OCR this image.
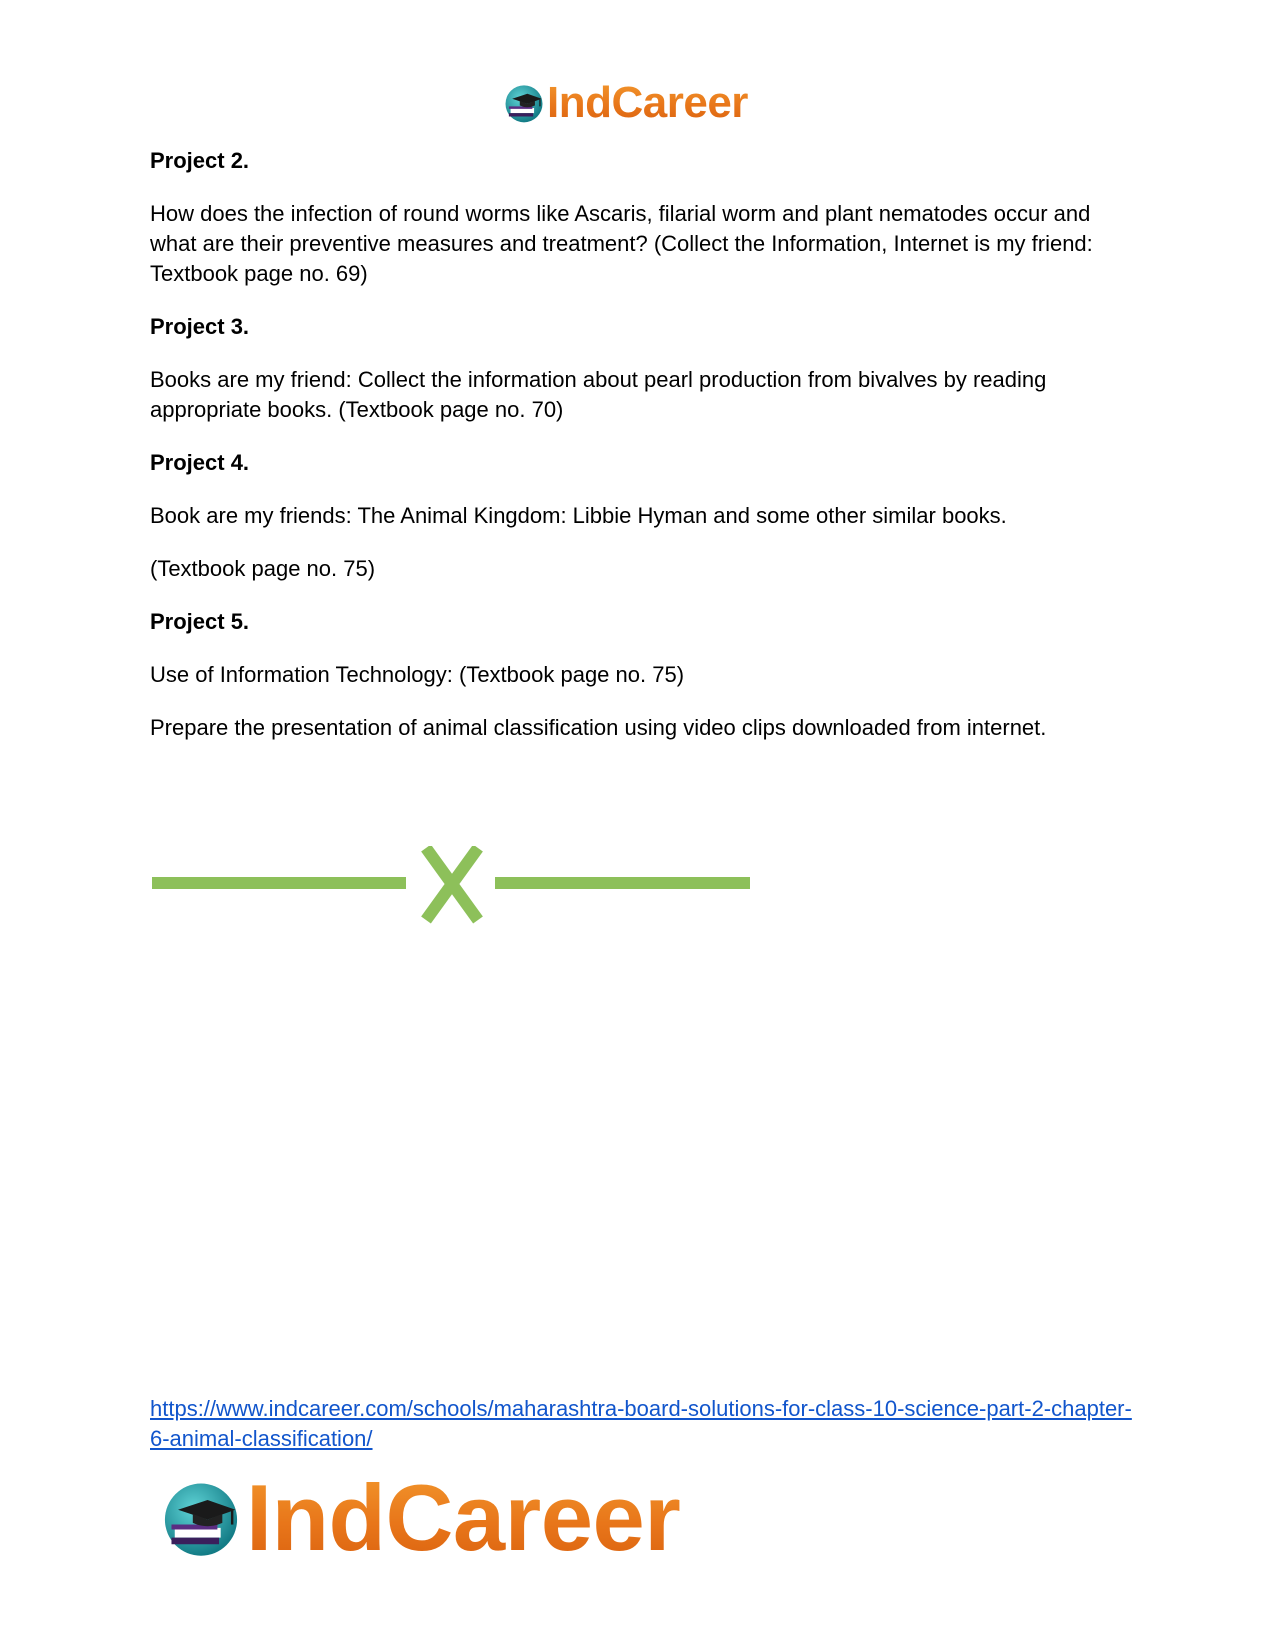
IndCareer

Project 2.

How does the infection of round worms like Ascaris, filarial worm and plant nematodes occur and what are their preventive measures and treatment? (Collect the Information, Internet is my friend: Textbook page no. 69)

Project 3.

Books are my friend: Collect the information about pearl production from bivalves by reading appropriate books. (Textbook page no. 70)

Project 4.

Book are my friends: The Animal Kingdom: Libbie Hyman and some other similar books.

(Textbook page no. 75)

Project 5.

Use of Information Technology: (Textbook page no. 75)

Prepare the presentation of animal classification using video clips downloaded from internet.

https://www.indcareer.com/schools/maharashtra-board-solutions-for-class-10-science-part-2-chapter-6-animal-classification/
IndCareer
